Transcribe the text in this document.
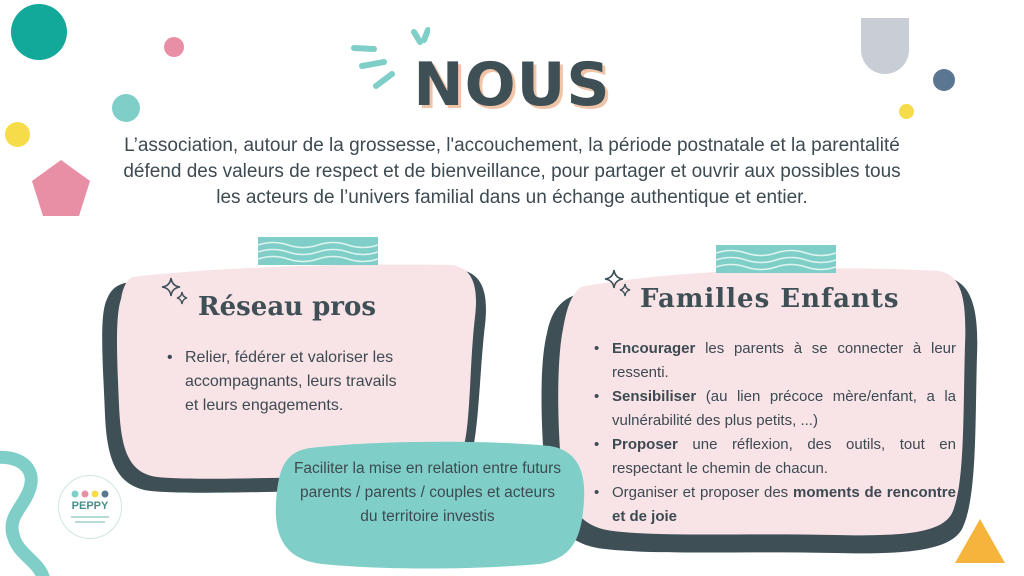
NOUS
L’association, autour de la grossesse, l'accouchement, la période postnatale et la parentalité défend des valeurs de respect et de bienveillance, pour partager et ouvrir aux possibles tous les acteurs de l’univers familial dans un échange authentique et entier.
Réseau pros
• Relier, fédérer et valoriser les accompagnants, leurs travails et leurs engagements.
Familles Enfants
• Encourager les parents à se connecter à leur ressenti.
• Sensibiliser (au lien précoce mère/enfant, a la vulnérabilité des plus petits, ...)
• Proposer une réflexion, des outils, tout en respectant le chemin de chacun.
• Organiser et proposer des moments de rencontre et de joie
Faciliter la mise en relation entre futurs parents / parents / couples et acteurs du territoire investis
PEPPY
